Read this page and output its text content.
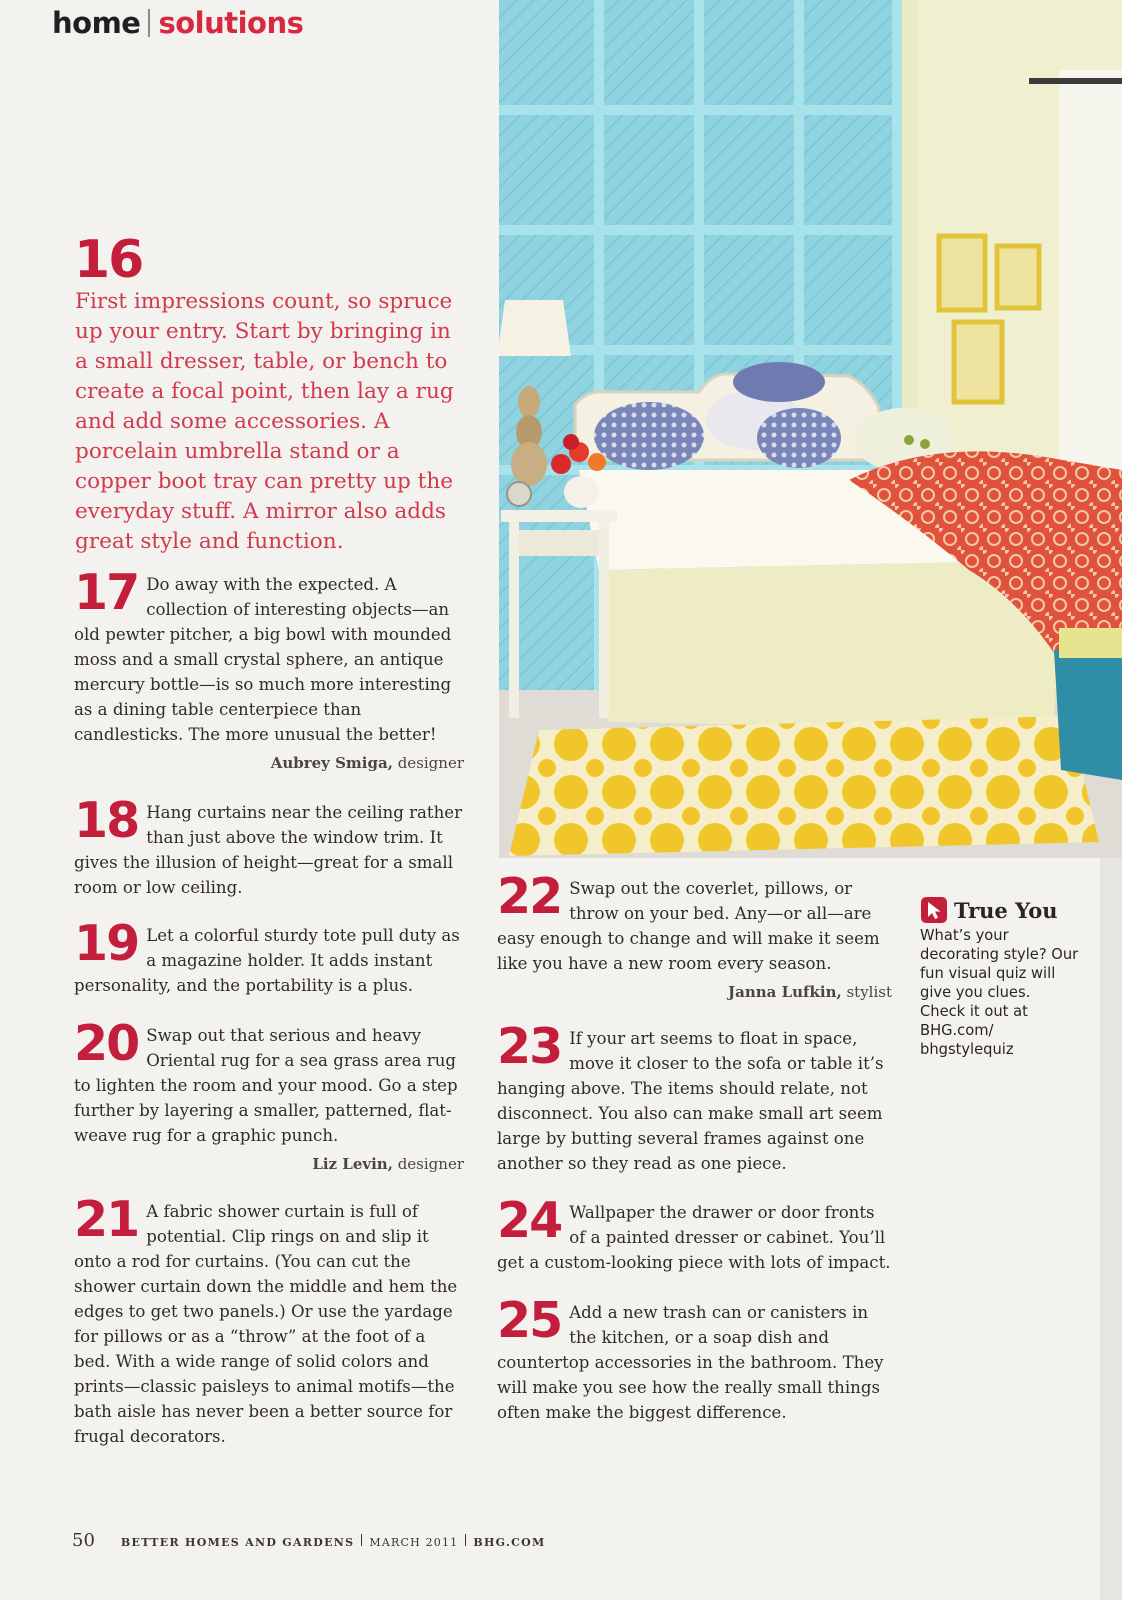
home solutions
16

First impressions count, so spruce up your entry. Start by bringing in a small dresser, table, or bench to create a focal point, then lay a rug and add some accessories. A porcelain umbrella stand or a copper boot tray can pretty up the everyday stuff. A mirror also adds great style and function.

17 Do away with the expected. A collection of interesting objects—an old pewter pitcher, a big bowl with mounded moss and a small crystal sphere, an antique mercury bottle—is so much more interesting as a dining table centerpiece than candlesticks. The more unusual the better!

Aubrey Smiga, designer
18 Hang curtains near the ceiling rather than just above the window trim. It gives the illusion of height—great for a small room or low ceiling.

19 Let a colorful sturdy tote pull duty as a magazine holder. It adds instant personality, and the portability is a plus.

20 Swap out that serious and heavy Oriental rug for a sea grass area rug to lighten the room and your mood. Go a step further by layering a smaller, patterned, flat-weave rug for a graphic punch.

Liz Levin, designer
21 A fabric shower curtain is full of potential. Clip rings on and slip it onto a rod for curtains. (You can cut the shower curtain down the middle and hem the edges to get two panels.) Or use the yardage for pillows or as a “throw” at the foot of a bed. With a wide range of solid colors and prints—classic paisleys to animal motifs—the bath aisle has never been a better source for frugal decorators.

22 Swap out the coverlet, pillows, or throw on your bed. Any—or all—are easy enough to change and will make it seem like you have a new room every season.

Janna Lufkin, stylist
23 If your art seems to float in space, move it closer to the sofa or table it’s hanging above. The items should relate, not disconnect. You also can make small art seem large by butting several frames against one another so they read as one piece.

24 Wallpaper the drawer or door fronts of a painted dresser or cabinet. You’ll get a custom-looking piece with lots of impact.

25 Add a new trash can or canisters in the kitchen, or a soap dish and countertop accessories in the bathroom. They will make you see how the really small things often make the biggest difference.

True You

What’s your decorating style? Our fun visual quiz will give you clues. Check it out at BHG.com/ bhgstylequiz

50 BETTER HOMES AND GARDENS MARCH 2011 BHG.COM
